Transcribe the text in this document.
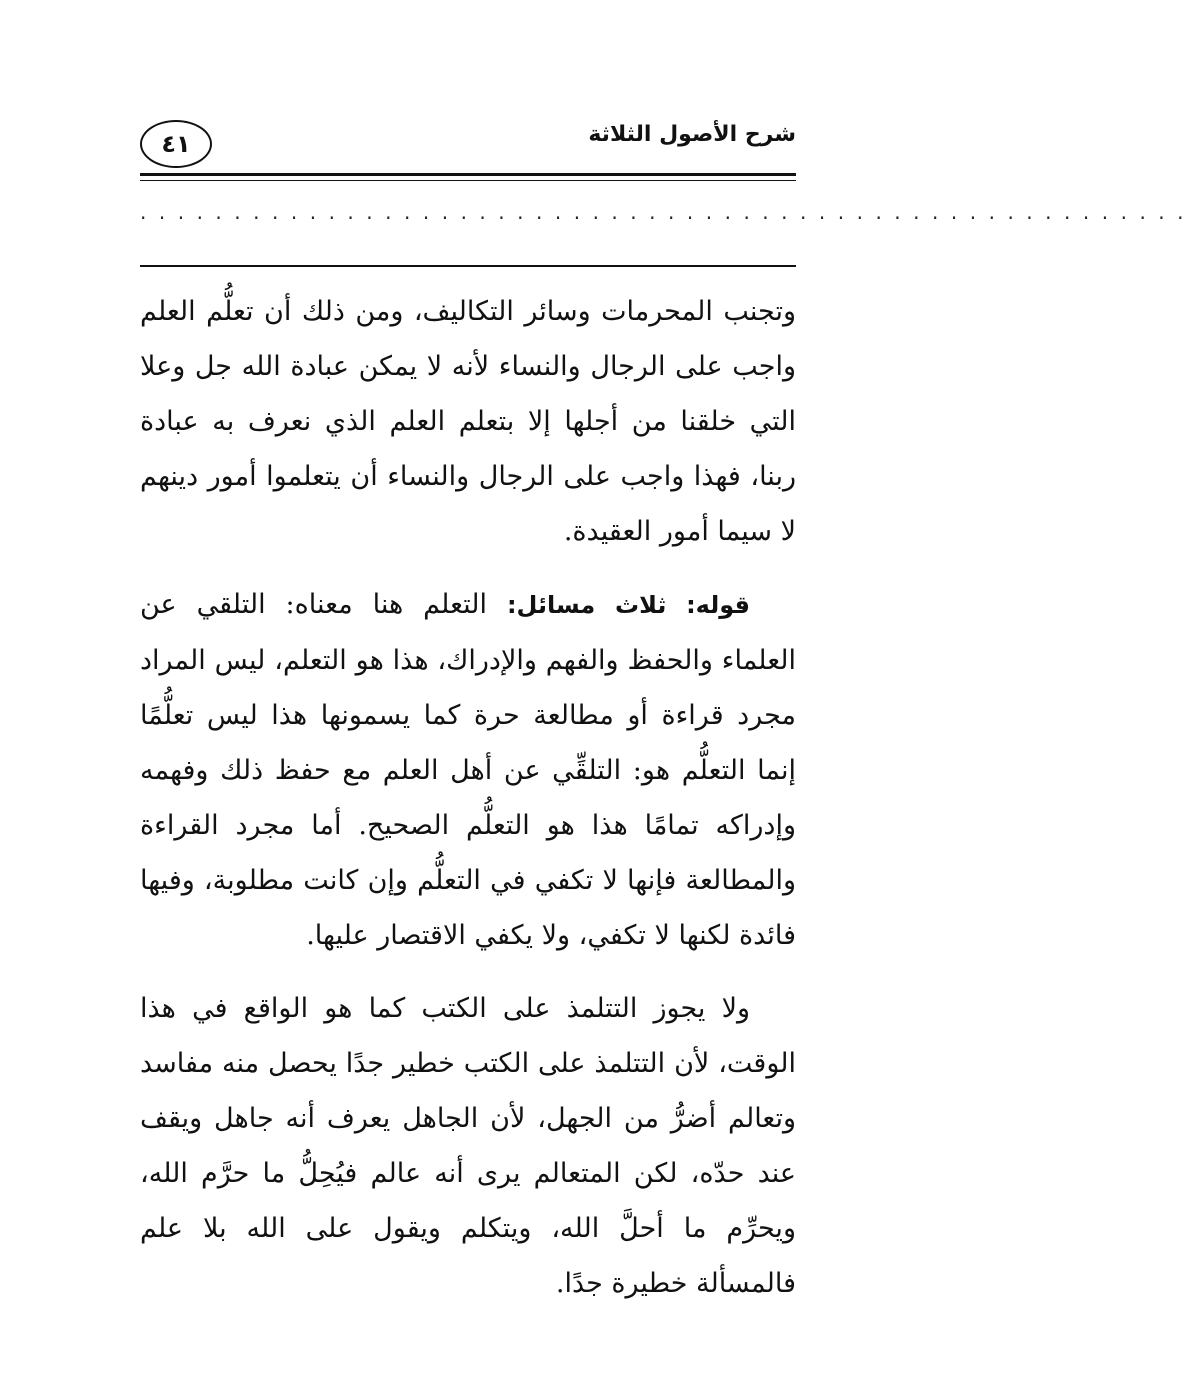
شرح الأصول الثلاثة
٤١
........................................................

وتجنب المحرمات وسائر التكاليف، ومن ذلك أن تعلُّم العلم واجب على الرجال والنساء لأنه لا يمكن عبادة الله جل وعلا التي خلقنا من أجلها إلا بتعلم العلم الذي نعرف به عبادة ربنا، فهذا واجب على الرجال والنساء أن يتعلموا أمور دينهم لا سيما أمور العقيدة.

قوله: ثلاث مسائل: التعلم هنا معناه: التلقي عن العلماء والحفظ والفهم والإدراك، هذا هو التعلم، ليس المراد مجرد قراءة أو مطالعة حرة كما يسمونها هذا ليس تعلُّمًا إنما التعلُّم هو: التلقِّي عن أهل العلم مع حفظ ذلك وفهمه وإدراكه تمامًا هذا هو التعلُّم الصحيح. أما مجرد القراءة والمطالعة فإنها لا تكفي في التعلُّم وإن كانت مطلوبة، وفيها فائدة لكنها لا تكفي، ولا يكفي الاقتصار عليها.

ولا يجوز التتلمذ على الكتب كما هو الواقع في هذا الوقت، لأن التتلمذ على الكتب خطير جدًا يحصل منه مفاسد وتعالم أضرُّ من الجهل، لأن الجاهل يعرف أنه جاهل ويقف عند حدّه، لكن المتعالم يرى أنه عالم فيُحِلُّ ما حرَّم الله، ويحرِّم ما أحلَّ الله، ويتكلم ويقول على الله بلا علم فالمسألة خطيرة جدًا.
